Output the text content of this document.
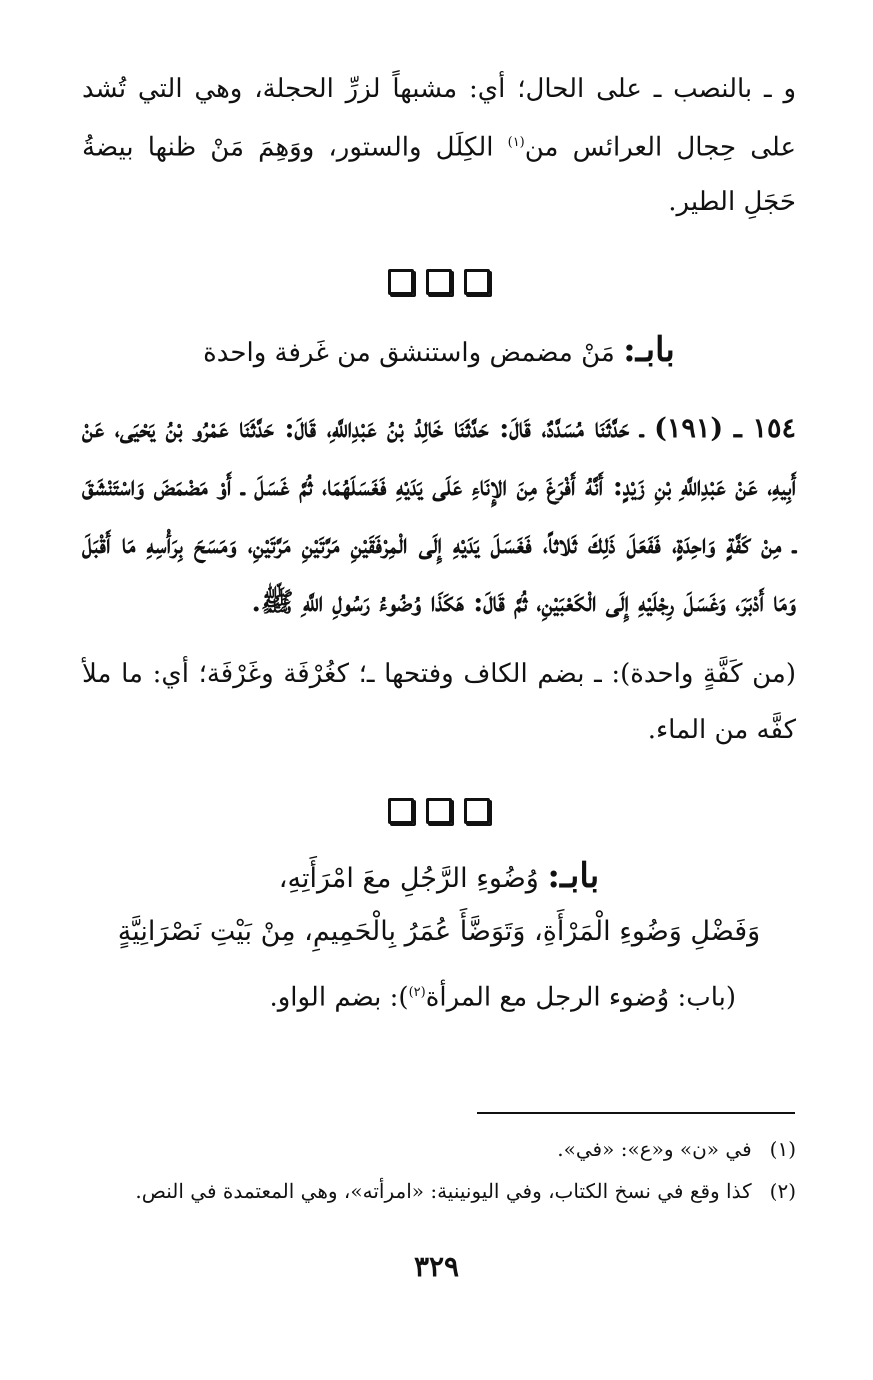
و ـ بالنصب ـ على الحال؛ أي: مشبهاً لزرِّ الحجلة، وهي التي تُشد على حِجال العرائس من$^{(١)}$ الكِلَل والستور، ووَهِمَ مَنْ ظنها بيضةُ حَجَلِ الطير.

بابـ: مَنْ مضمض واستنشق من غَرفة واحدة

١٥٤ ـ (١٩١) ـ حَدَّثَنَا مُسَدَّدٌ، قَالَ: حَدَّثَنَا خَالِدُ بْنُ عَبْدِاللَّهِ، قَالَ: حَدَّثَنَا عَمْرُو بْنُ يَحْيَى، عَنْ أَبِيهِ، عَنْ عَبْدِاللَّهِ بْنِ زَيْدٍ: أَنَّهُ أَفْرَغَ مِنَ الإِنَاءِ عَلَى يَدَيْهِ فَغَسَلَهُمَا، ثُمَّ غَسَلَ ـ أَوْ مَضْمَضَ وَاسْتَنْشَقَ ـ مِنْ كَفَّةٍ وَاحِدَةٍ، فَفَعَلَ ذَلِكَ ثَلاثاً، فَغَسَلَ يَدَيْهِ إِلَى الْمِرْفَقَيْنِ مَرَّتَيْنِ مَرَّتَيْنِ، وَمَسَحَ بِرَأْسِهِ مَا أَقْبَلَ وَمَا أَدْبَرَ، وَغَسَلَ رِجْلَيْهِ إِلَى الْكَعْبَيْنِ، ثُمَّ قَالَ: هَكَذَا وُضُوءُ رَسُولِ اللَّهِ ﷺ.

(من كَفَّةٍ واحدة): ـ بضم الكاف وفتحها ـ؛ كغُرْفَة وغَرْفَة؛ أي: ما ملأ كفَّه من الماء.

بابـ: وُضُوءِ الرَّجُلِ معَ امْرَأَتِهِ،
وَفَضْلِ وَضُوءِ الْمَرْأَةِ، وَتَوَضَّأَ عُمَرُ بِالْحَمِيمِ، مِنْ بَيْتِ نَصْرَانِيَّةٍ

(باب: وُضوء الرجل مع المرأة$^{(٢)}$): بضم الواو.

(١)في «ن» و«ع»: «في».

(٢)كذا وقع في نسخ الكتاب، وفي اليونينية: «امرأته»، وهي المعتمدة في النص.

٣٢٩
